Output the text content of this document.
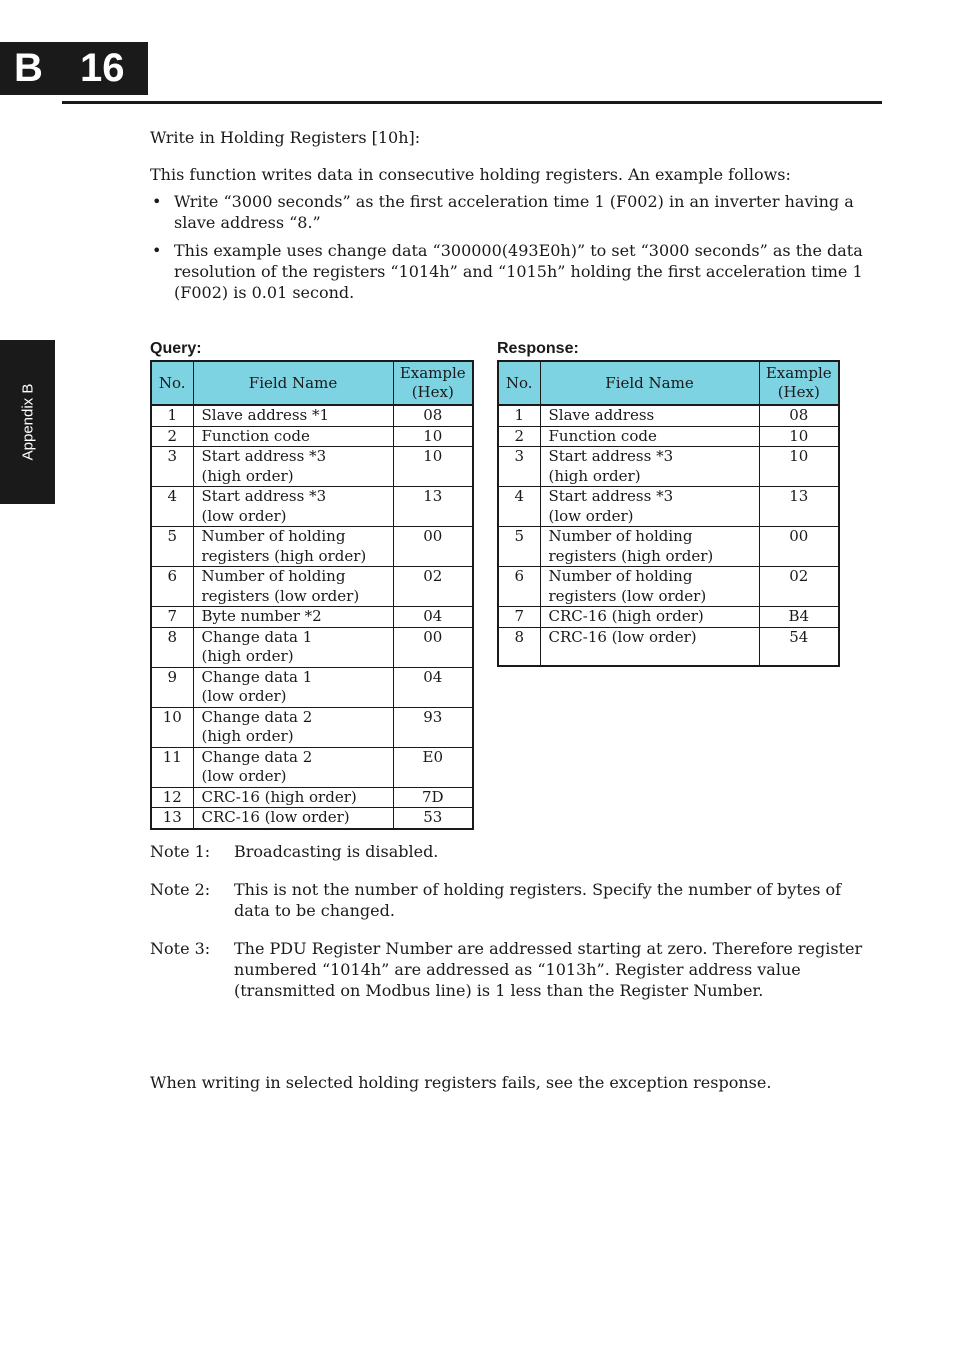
B 16
Appendix B
Write in Holding Registers [10h]:

This function writes data in consecutive holding registers. An example follows:

• Write “3000 seconds” as the first acceleration time 1 (F002) in an inverter having a slave address “8.”
• This example uses change data “300000(493E0h)” to set “3000 seconds” as the data resolution of the registers “1014h” and “1015h” holding the first acceleration time 1 (F002) is 0.01 second.
Query:
No.	Field Name	Example
(Hex)
1	Slave address *1	08
2	Function code	10
3	Start address *3
(high order)	10
4	Start address *3
(low order)	13
5	Number of holding
registers (high order)	00
6	Number of holding
registers (low order)	02
7	Byte number *2	04
8	Change data 1
(high order)	00
9	Change data 1
(low order)	04
10	Change data 2
(high order)	93
11	Change data 2
(low order)	E0
12	CRC-16 (high order)	7D
13	CRC-16 (low order)	53
Response:
No.	Field Name	Example
(Hex)
1	Slave address	08
2	Function code	10
3	Start address *3
(high order)	10
4	Start address *3
(low order)	13
5	Number of holding
registers (high order)	00
6	Number of holding
registers (low order)	02
7	CRC-16 (high order)	B4
8	CRC-16 (low order)	54
Note 1:	Broadcasting is disabled.
Note 2:	This is not the number of holding registers. Specify the number of bytes of data to be changed.
Note 3:	The PDU Register Number are addressed starting at zero. Therefore register numbered “1014h” are addressed as “1013h”. Register address value (transmitted on Modbus line) is 1 less than the Register Number.

When writing in selected holding registers fails, see the exception response.
